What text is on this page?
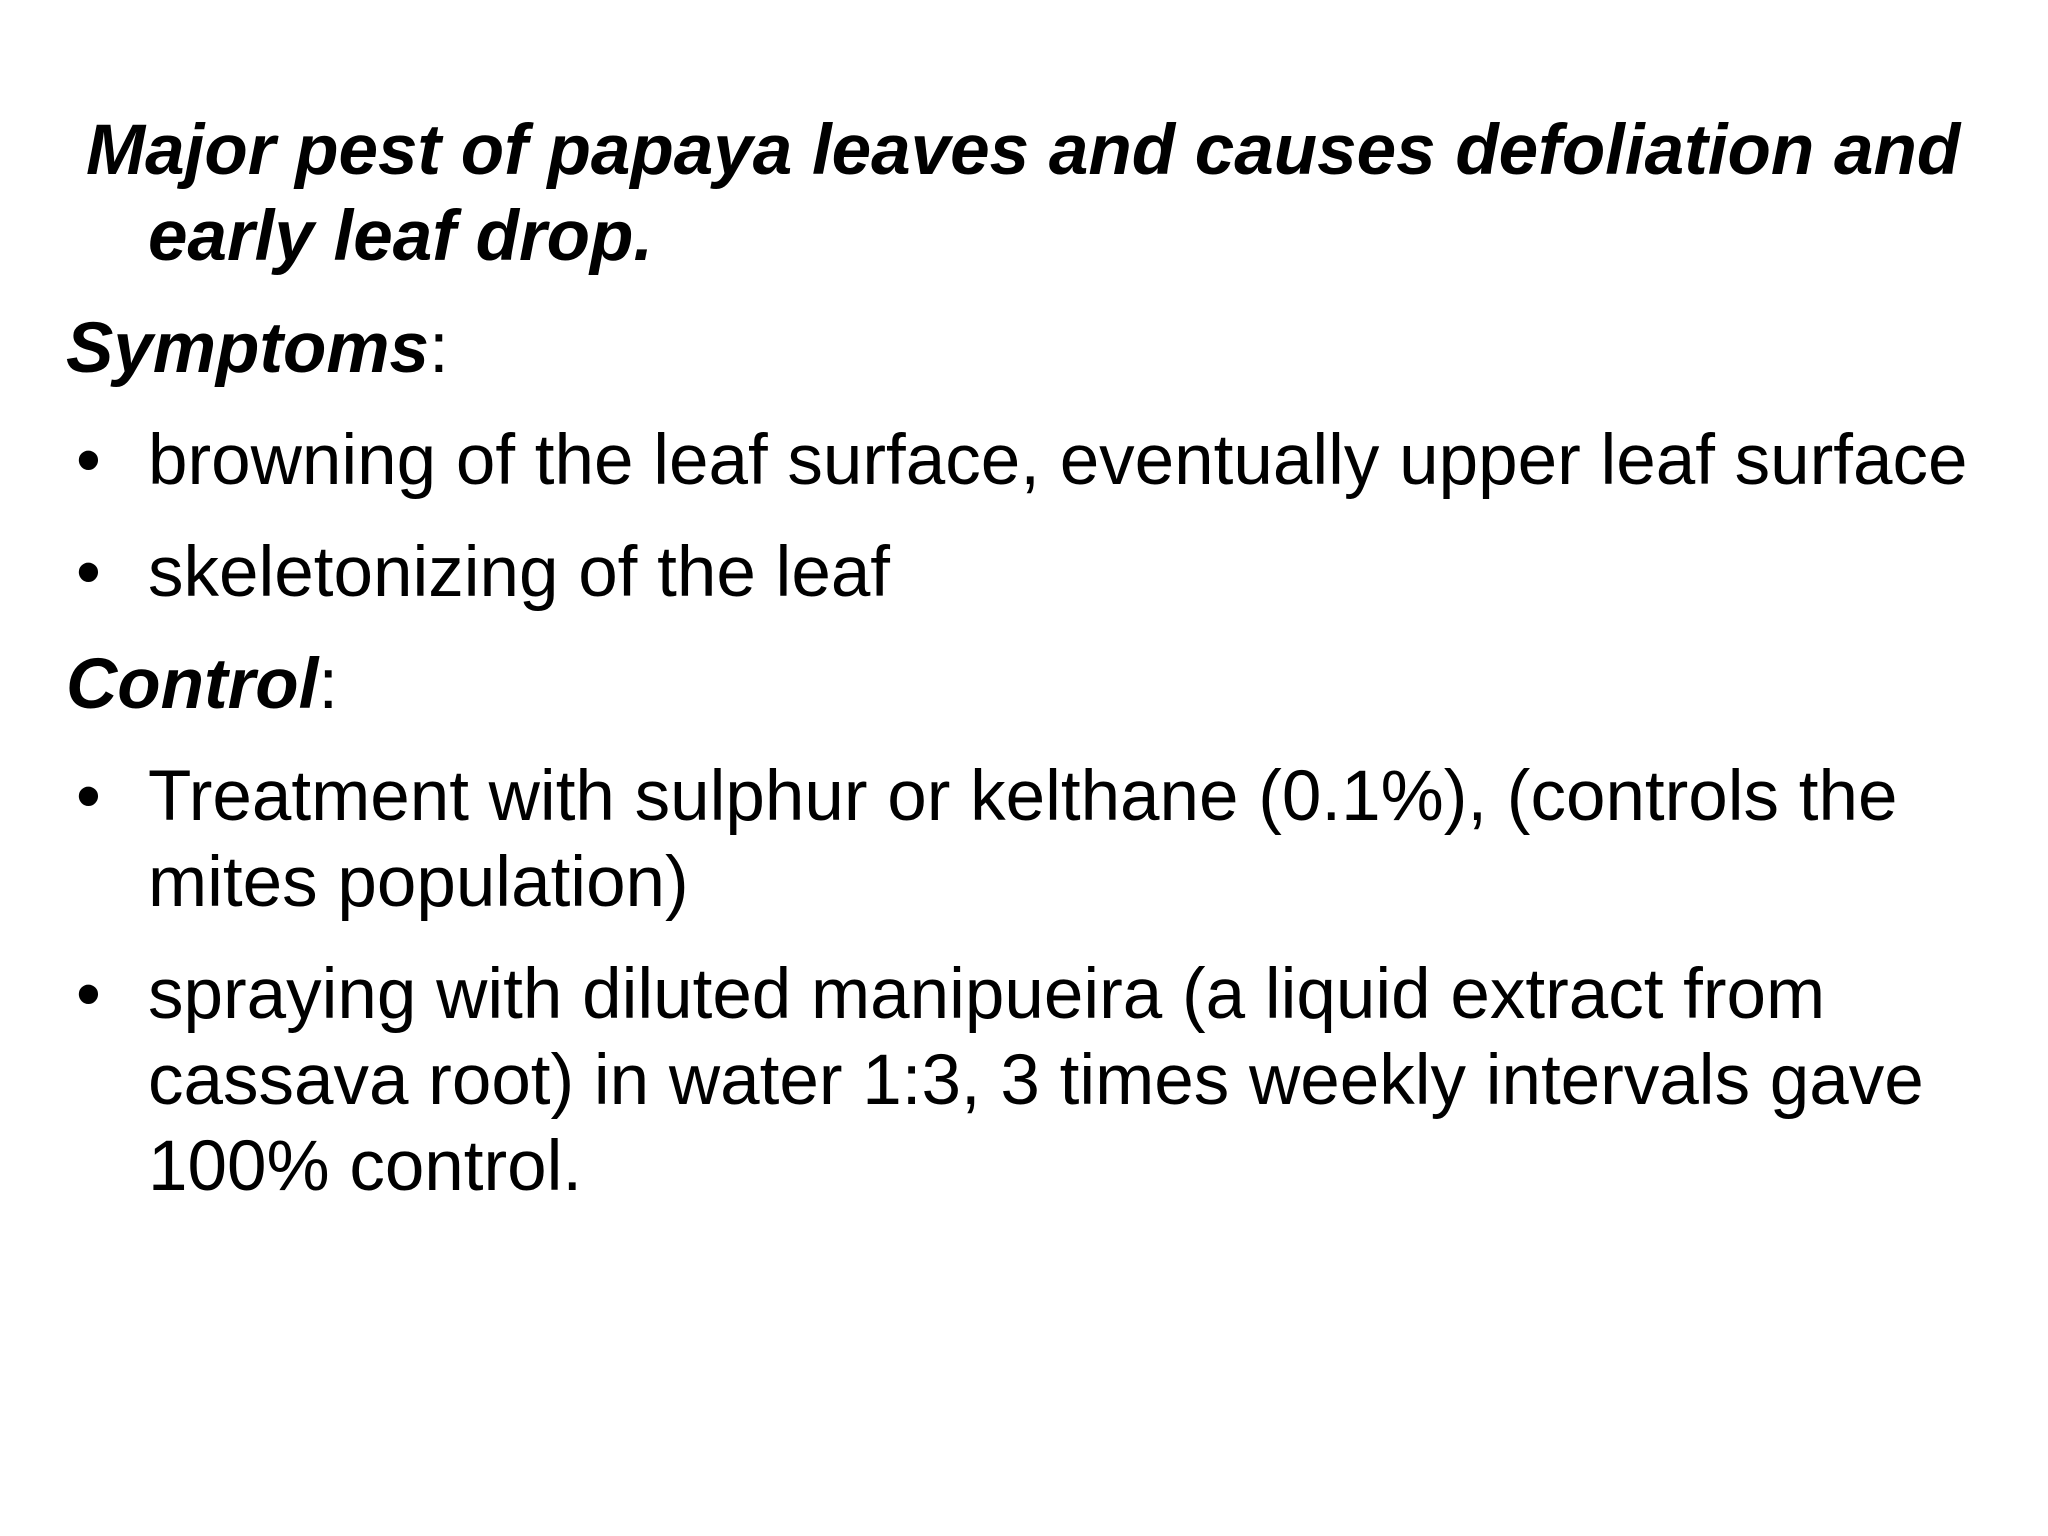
Major pest of papaya leaves and causes defoliation and early leaf drop.

Symptoms:

• browning of the leaf surface, eventually upper leaf surface
• skeletonizing of the leaf

Control:

• Treatment with sulphur or kelthane (0.1%), (controls the mites population)
• spraying with diluted manipueira (a liquid extract from cassava root) in water 1:3, 3 times weekly intervals gave 100% control.
